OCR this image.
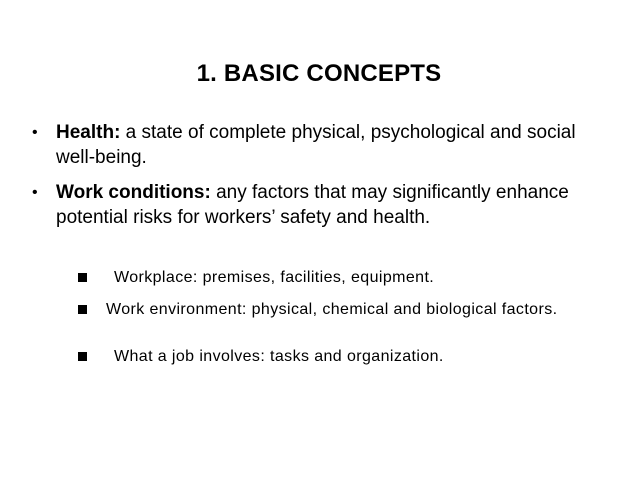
1. BASIC CONCEPTS
• Health: a state of complete physical, psychological and social well-being.
• Work conditions: any factors that may significantly enhance potential risks for workers’ safety and health.
Workplace: premises, facilities, equipment.
Work environment: physical, chemical and biological factors.
What a job involves: tasks and organization.
